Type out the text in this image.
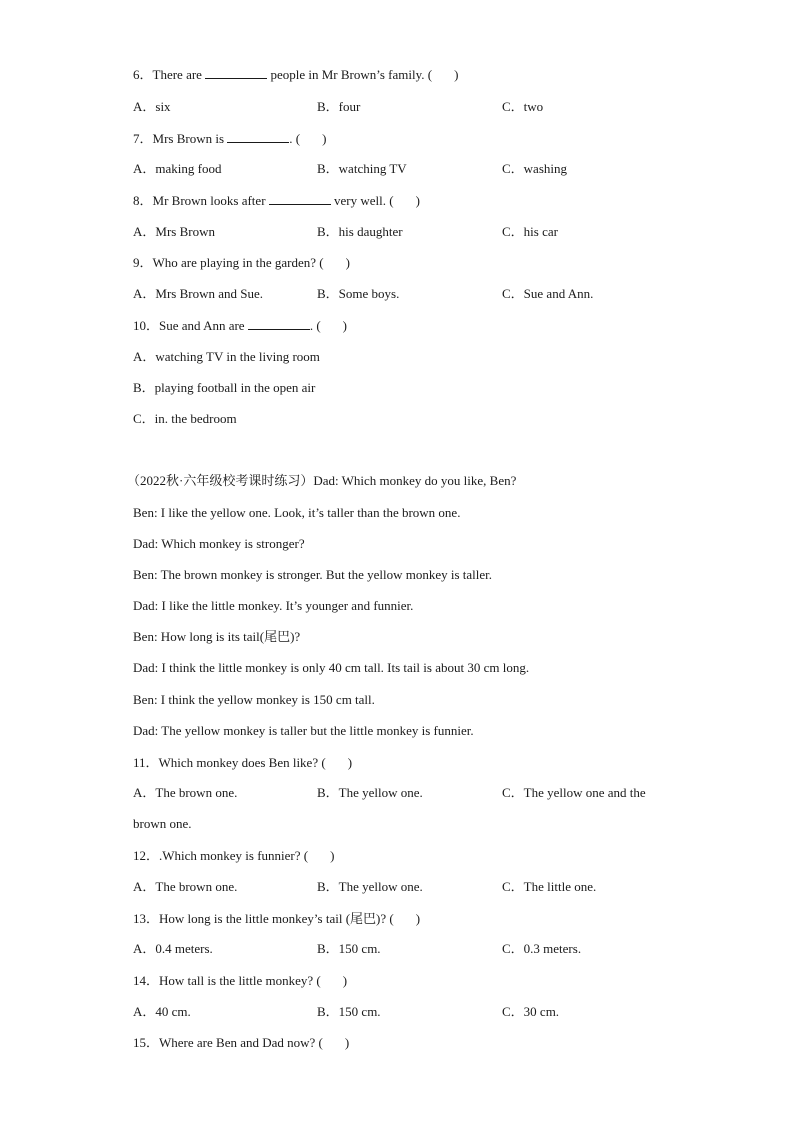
6．There are	people in Mr Brown’s family. ( )
A．six	B．four	C．two
7．Mrs Brown is	. ( )
A．making food	B．watching TV	C．washing
8．Mr Brown looks after	very well. ( )
A．Mrs Brown	B．his daughter	C．his car
9．Who are playing in the garden? ( )
A．Mrs Brown and Sue.	B．Some boys.	C．Sue and Ann.
10．Sue and Ann are	. ( )
A．watching TV in the living room
B．playing football in the open air
C．in. the bedroom
（2022秋·六年级校考课时练习）Dad: Which monkey do you like, Ben?
Ben: I like the yellow one. Look, it’s taller than the brown one.
Dad: Which monkey is stronger?
Ben: The brown monkey is stronger. But the yellow monkey is taller.
Dad: I like the little monkey. It’s younger and funnier.
Ben: How long is its tail(尾巴)?
Dad: I think the little monkey is only 40 cm tall. Its tail is about 30 cm long.
Ben: I think the yellow monkey is 150 cm tall.
Dad: The yellow monkey is taller but the little monkey is funnier.
11．Which monkey does Ben like? ( )
A．The brown one.	B．The yellow one.	C．The yellow one and the
brown one.
12．.Which monkey is funnier? ( )
A．The brown one.	B．The yellow one.	C．The little one.
13．How long is the little monkey’s tail (尾巴)? ( )
A．0.4 meters.	B．150 cm.	C．0.3 meters.
14．How tall is the little monkey? ( )
A．40 cm.	B．150 cm.	C．30 cm.
15．Where are Ben and Dad now? ( )
